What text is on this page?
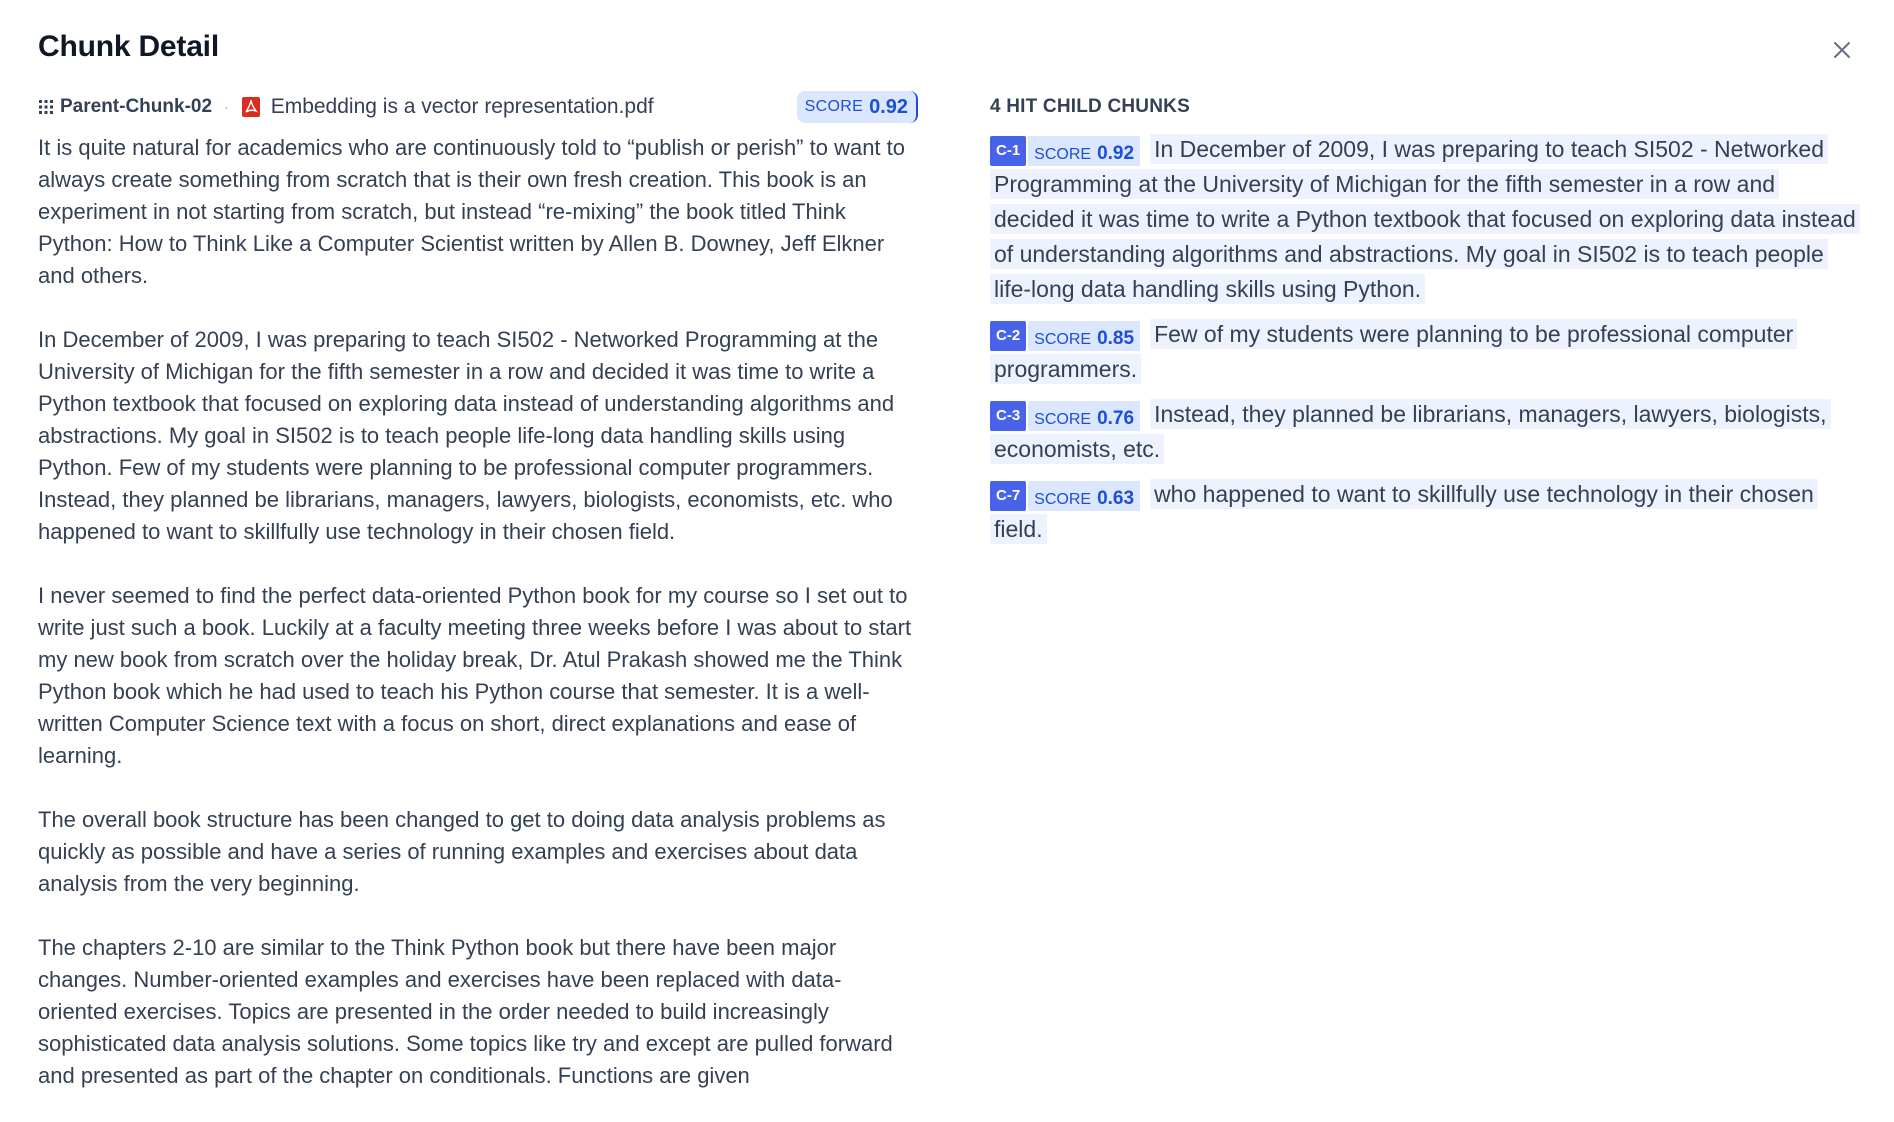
Chunk Detail
Parent-Chunk-02 · Embedding is a vector representation.pdf	SCORE 0.92

It is quite natural for academics who are continuously told to “publish or perish” to want to always create something from scratch that is their own fresh creation. This book is an experiment in not starting from scratch, but instead “re-mixing” the book titled Think Python: How to Think Like a Computer Scientist written by Allen B. Downey, Jeff Elkner and others.

In December of 2009, I was preparing to teach SI502 - Networked Programming at the University of Michigan for the fifth semester in a row and decided it was time to write a Python textbook that focused on exploring data instead of understanding algorithms and abstractions. My goal in SI502 is to teach people life-long data handling skills using Python. Few of my students were planning to be professional computer programmers. Instead, they planned be librarians, managers, lawyers, biologists, economists, etc. who happened to want to skillfully use technology in their chosen field.

I never seemed to find the perfect data-oriented Python book for my course so I set out to write just such a book. Luckily at a faculty meeting three weeks before I was about to start my new book from scratch over the holiday break, Dr. Atul Prakash showed me the Think Python book which he had used to teach his Python course that semester. It is a well-written Computer Science text with a focus on short, direct explanations and ease of learning.

The overall book structure has been changed to get to doing data analysis problems as quickly as possible and have a series of running examples and exercises about data analysis from the very beginning.

The chapters 2-10 are similar to the Think Python book but there have been major changes. Number-oriented examples and exercises have been replaced with data-oriented exercises. Topics are presented in the order needed to build increasingly sophisticated data analysis solutions. Some topics like try and except are pulled forward and presented as part of the chapter on conditionals. Functions are given

4 HIT CHILD CHUNKS
C-1 SCORE 0.92 In December of 2009, I was preparing to teach SI502 - Networked Programming at the University of Michigan for the fifth semester in a row and decided it was time to write a Python textbook that focused on exploring data instead of understanding algorithms and abstractions. My goal in SI502 is to teach people life-long data handling skills using Python.
C-2 SCORE 0.85 Few of my students were planning to be professional computer programmers.
C-3 SCORE 0.76 Instead, they planned be librarians, managers, lawyers, biologists, economists, etc.
C-7 SCORE 0.63 who happened to want to skillfully use technology in their chosen field.
